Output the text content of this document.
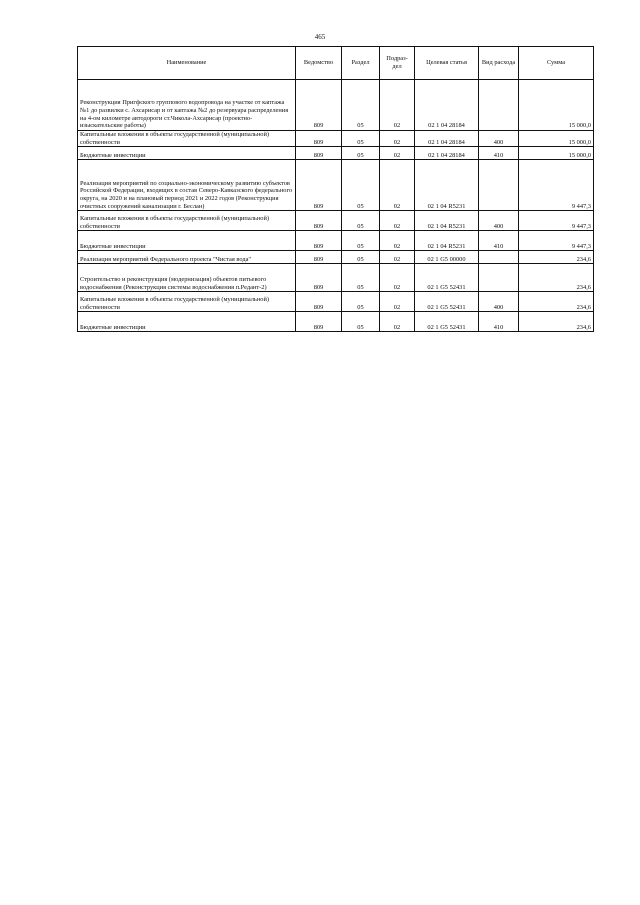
465
Наименование	Ведомство	Раздел	Подраз-дел	Целевая статья	Вид расхода	Сумма
Реконструкция Пригфского группового водопровода на участке от каптажа №1 до развилки с. Ахсарисар и от каптажа №2 до резервуара распределения на 4-ом километре автодороги ст.Чикола-Ахсарисар (проектно-изыскательские работы)	809	05	02	02 1 04 28184		15 000,0
Капитальные вложения в объекты государственной (муниципальной) собственности	809	05	02	02 1 04 28184	400	15 000,0
Бюджетные инвестиции	809	05	02	02 1 04 28184	410	15 000,0
Реализация мероприятий по социально-экономическому развитию субъектов Российской Федерации, входящих в состав Северо-Кавказского федерального округа, на 2020 и на плановый период 2021 и 2022 годов (Реконструкция очистных сооружений канализации г. Беслан)	809	05	02	02 1 04 R5231		9 447,3
Капитальные вложения в объекты государственной (муниципальной) собственности	809	05	02	02 1 04 R5231	400	9 447,3
Бюджетные инвестиции	809	05	02	02 1 04 R5231	410	9 447,3
Реализация мероприятий Федерального проекта "Чистая вода"	809	05	02	02 1 G5 00000		234,6
Строительство и реконструкция (модернизация) объектов питьевого водоснабжения (Реконструкция системы водоснабжения п.Редант-2)	809	05	02	02 1 G5 52431		234,6
Капитальные вложения в объекты государственной (муниципальной) собственности	809	05	02	02 1 G5 52431	400	234,6
Бюджетные инвестиции	809	05	02	02 1 G5 52431	410	234,6
